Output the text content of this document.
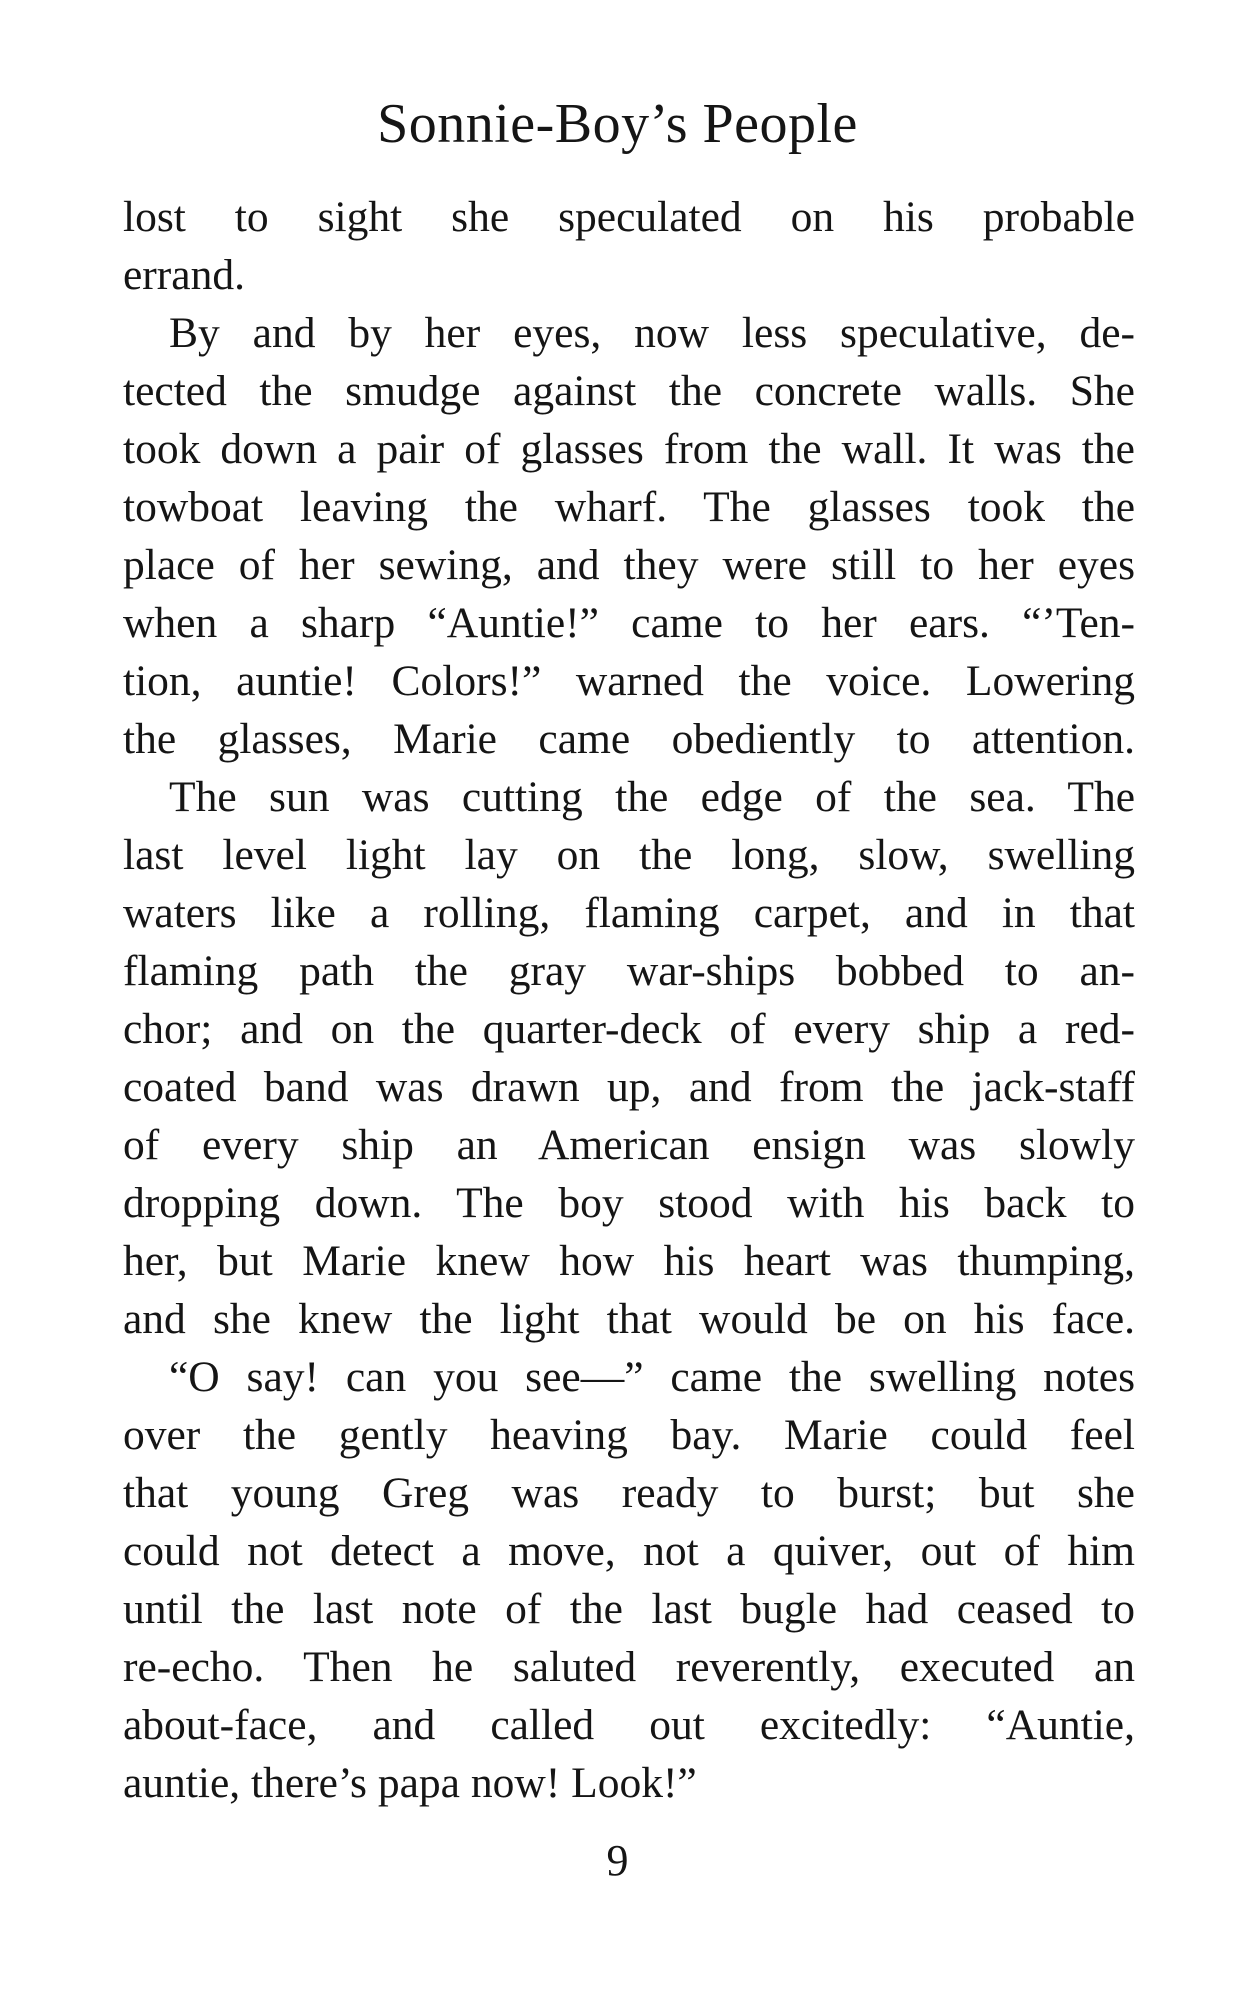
Sonnie-Boy’s People
lost to sight she speculated on his probable
errand.
By and by her eyes, now less speculative, de-
tected the smudge against the concrete walls. She
took down a pair of glasses from the wall. It was the
towboat leaving the wharf. The glasses took the
place of her sewing, and they were still to her eyes
when a sharp “Auntie!” came to her ears. “’Ten-
tion, auntie! Colors!” warned the voice. Lowering
the glasses, Marie came obediently to attention.
The sun was cutting the edge of the sea. The
last level light lay on the long, slow, swelling
waters like a rolling, flaming carpet, and in that
flaming path the gray war-ships bobbed to an-
chor; and on the quarter-deck of every ship a red-
coated band was drawn up, and from the jack-staff
of every ship an American ensign was slowly
dropping down. The boy stood with his back to
her, but Marie knew how his heart was thumping,
and she knew the light that would be on his face.
“O say! can you see—” came the swelling notes
over the gently heaving bay. Marie could feel
that young Greg was ready to burst; but she
could not detect a move, not a quiver, out of him
until the last note of the last bugle had ceased to
re-echo. Then he saluted reverently, executed an
about-face, and called out excitedly: “Auntie,
auntie, there’s papa now! Look!”
9
